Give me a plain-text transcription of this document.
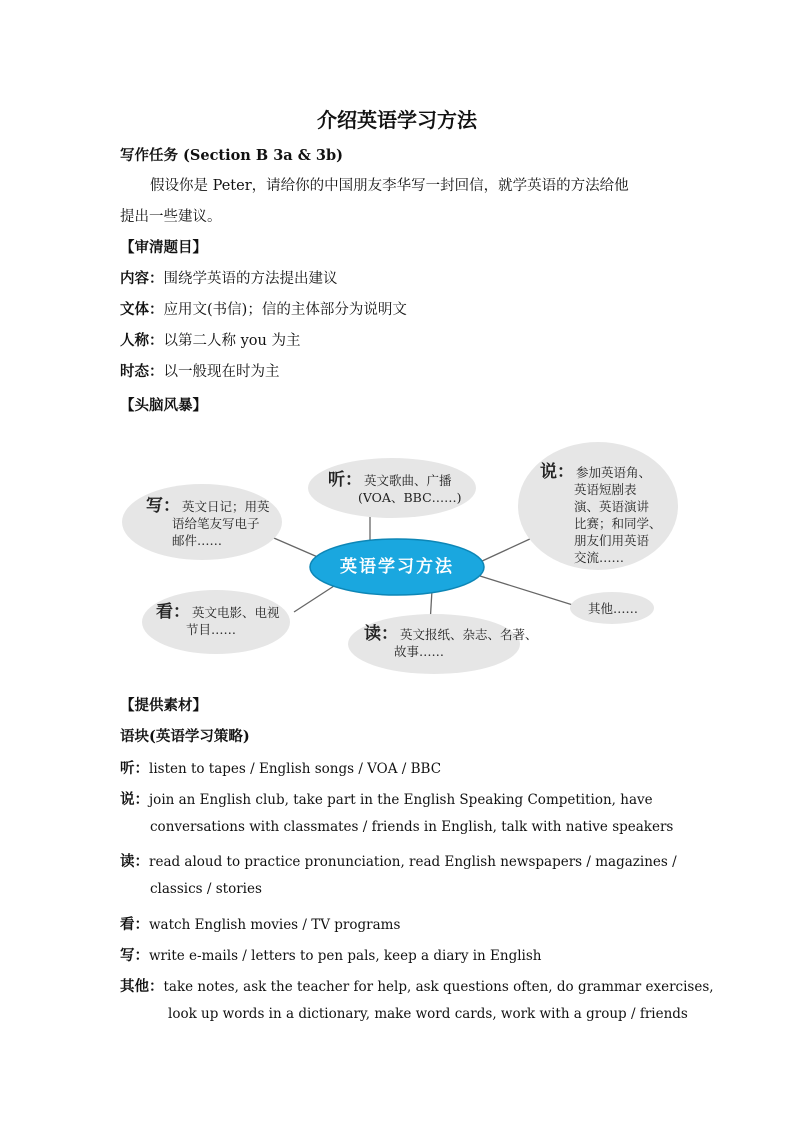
介绍英语学习方法
写作任务 (Section B 3a & 3b)
假设你是 Peter，请给你的中国朋友李华写一封回信，就学英语的方法给他
提出一些建议。
【审清题目】
内容：围绕学英语的方法提出建议
文体：应用文(书信)；信的主体部分为说明文
人称：以第二人称 you 为主
时态：以一般现在时为主
【头脑风暴】
英语学习方法
写： 英文日记；用英
语给笔友写电子
邮件……
听： 英文歌曲、广播
(VOA、BBC……)
说： 参加英语角、
英语短剧表
演、英语演讲
比赛；和同学、
朋友们用英语
交流……
其他……
读： 英文报纸、杂志、名著、
故事……
看： 英文电影、电视
节目……
【提供素材】
语块(英语学习策略)
听：listen to tapes / English songs / VOA / BBC
说：join an English club, take part in the English Speaking Competition, have
conversations with classmates / friends in English, talk with native speakers
读：read aloud to practice pronunciation, read English newspapers / magazines /
classics / stories
看：watch English movies / TV programs
写：write e-mails / letters to pen pals, keep a diary in English
其他：take notes, ask the teacher for help, ask questions often, do grammar exercises,
look up words in a dictionary, make word cards, work with a group / friends
